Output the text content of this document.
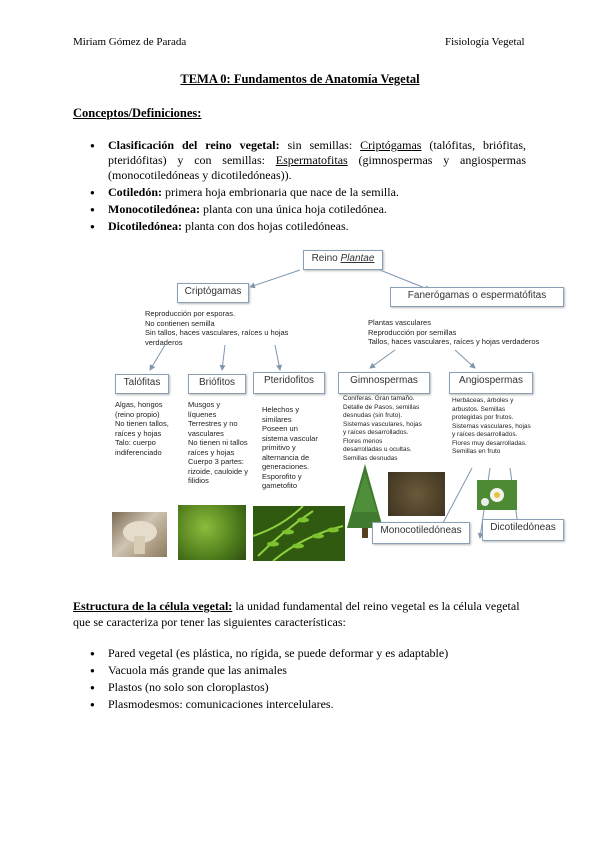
Miriam Gómez de Parada	Fisiología Vegetal
TEMA 0: Fundamentos de Anatomía Vegetal
Conceptos/Definiciones:
● Clasificación del reino vegetal: sin semillas: Criptógamas (talófitas, briófitas, pteridófitas) y con semillas: Espermatofitas (gimnospermas y angiospermas (monocotiledóneas y dicotiledóneas)).
● Cotiledón: primera hoja embrionaria que nace de la semilla.
● Monocotiledónea: planta con una única hoja cotiledónea.
● Dicotiledónea: planta con dos hojas cotiledóneas.
Reino Plantae
Criptógamas	Fanerógamas o espermatófitas
Reproducción por esporas.
No contienen semilla
Sin tallos, haces vasculares, raíces u hojas
verdaderos
Plantas vasculares
Reproducción por semillas
Tallos, haces vasculares, raíces y hojas verdaderos
Talófitas	Briófitos	Pteridofitos	Gimnospermas	Angiospermas
Algas, hongos
(reino propio)
No tienen tallos,
raíces y hojas
Talo: cuerpo
indiferenciado
Musgos y
líquenes
Terrestres y no
vasculares
No tienen ni tallos
raíces y hojas
Cuerpo 3 partes:
rizoide, cauloide y
filidios
Helechos y
similares
Poseen un
sistema vascular
primitivo y
alternancia de
generaciones.
Esporofito y
gametofito
Coníferas. Gran tamaño.
Detalle de Pasos, semillas
desnudas (sin fruto).
Sistemas vasculares, hojas
y raíces desarrollados.
Flores menos
desarrolladas u ocultas.
Semillas desnudas
Herbáceas, árboles y
arbustos. Semillas
protegidas por frutos.
Sistemas vasculares, hojas
y raíces desarrollados.
Flores muy desarrolladas.
Semillas en fruto
Monocotiledóneas	Dicotiledóneas
Estructura de la célula vegetal: la unidad fundamental del reino vegetal es la célula vegetal que se caracteriza por tener las siguientes características:
● Pared vegetal (es plástica, no rígida, se puede deformar y es adaptable)
● Vacuola más grande que las animales
● Plastos (no solo son cloroplastos)
● Plasmodesmos: comunicaciones intercelulares.
